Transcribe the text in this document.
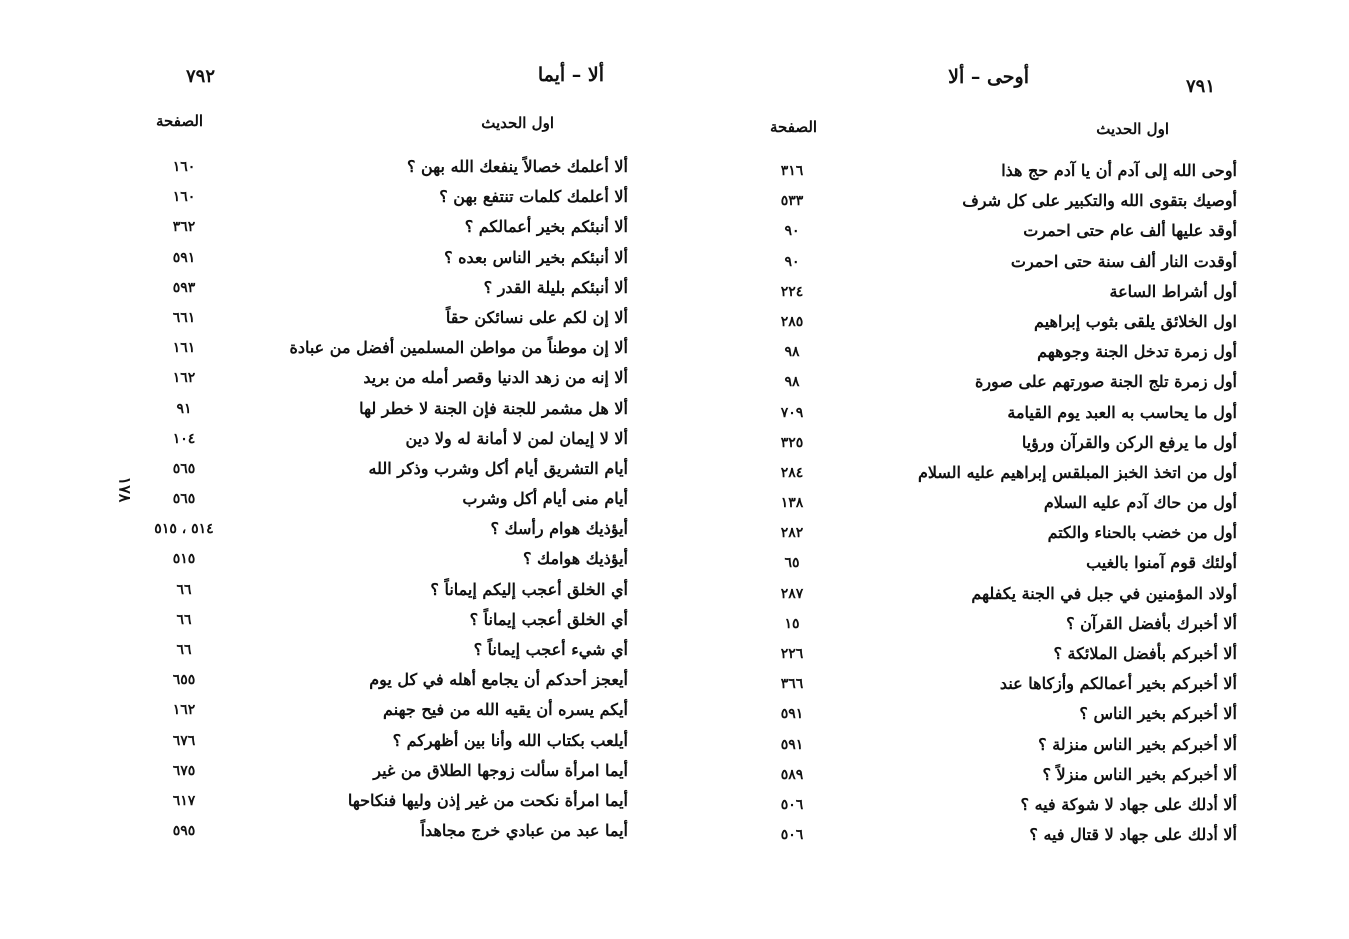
٧٩٢	ألا – أيما
اول الحديث
الصفحة
ألا أعلمك خصالاً ينفعك الله بهن ؟
١٦٠
ألا أعلمك كلمات تنتفع بهن ؟
١٦٠
ألا أنبئكم بخير أعمالكم ؟
٣٦٢
ألا أنبئكم بخير الناس بعده ؟
٥٩١
ألا أنبئكم بليلة القدر ؟
٥٩٣
ألا إن لكم على نسائكن حقاً
٦٦١
ألا إن موطناً من مواطن المسلمين أفضل من عبادة
١٦١
ألا إنه من زهد الدنيا وقصر أمله من بريد
١٦٢
ألا هل مشمر للجنة فإن الجنة لا خطر لها
٩١
ألا لا إيمان لمن لا أمانة له ولا دين
١٠٤
أيام التشريق أيام أكل وشرب وذكر الله
٥٦٥
أيام منى أيام أكل وشرب
٥٦٥
أيؤذيك هوام رأسك ؟
٥١٤ ، ٥١٥
أيؤذيك هوامك ؟
٥١٥
أي الخلق أعجب إليكم إيماناً ؟
٦٦
أي الخلق أعجب إيماناً ؟
٦٦
أي شيء أعجب إيماناً ؟
٦٦
أيعجز أحدكم أن يجامع أهله في كل يوم
٦٥٥
أيكم يسره أن يقيه الله من فيح جهنم
١٦٢
أيلعب بكتاب الله وأنا بين أظهركم ؟
٦٧٦
أيما امرأة سألت زوجها الطلاق من غير
٦٧٥
أيما امرأة نكحت من غير إذن وليها فنكاحها
٦١٧
أيما عبد من عبادي خرج مجاهداً
٥٩٥
١٧٨
٧٩١
أوحى – ألا
اول الحديث
الصفحة
أوحى الله إلى آدم أن يا آدم حج هذا
٣١٦
أوصيك بتقوى الله والتكبير على كل شرف
٥٣٣
أوقد عليها ألف عام حتى احمرت
٩٠
أوقدت النار ألف سنة حتى احمرت
٩٠
أول أشراط الساعة
٢٢٤
اول الخلائق يلقى بثوب إبراهيم
٢٨٥
أول زمرة تدخل الجنة وجوههم
٩٨
أول زمرة تلج الجنة صورتهم على صورة
٩٨
أول ما يحاسب به العبد يوم القيامة
٧٠٩
أول ما يرفع الركن والقرآن ورؤيا
٣٢٥
أول من اتخذ الخبز المبلقس إبراهيم عليه السلام
٢٨٤
أول من حاك آدم عليه السلام
١٣٨
أول من خضب بالحناء والكتم
٢٨٢
أولئك قوم آمنوا بالغيب
٦٥
أولاد المؤمنين في جبل في الجنة يكفلهم
٢٨٧
ألا أخبرك بأفضل القرآن ؟
١٥
ألا أخبركم بأفضل الملائكة ؟
٢٢٦
ألا أخبركم بخير أعمالكم وأزكاها عند
٣٦٦
ألا أخبركم بخير الناس ؟
٥٩١
ألا أخبركم بخير الناس منزلة ؟
٥٩١
ألا أخبركم بخير الناس منزلاً ؟
٥٨٩
ألا أدلك على جهاد لا شوكة فيه ؟
٥٠٦
ألا أدلك على جهاد لا قتال فيه ؟
٥٠٦
